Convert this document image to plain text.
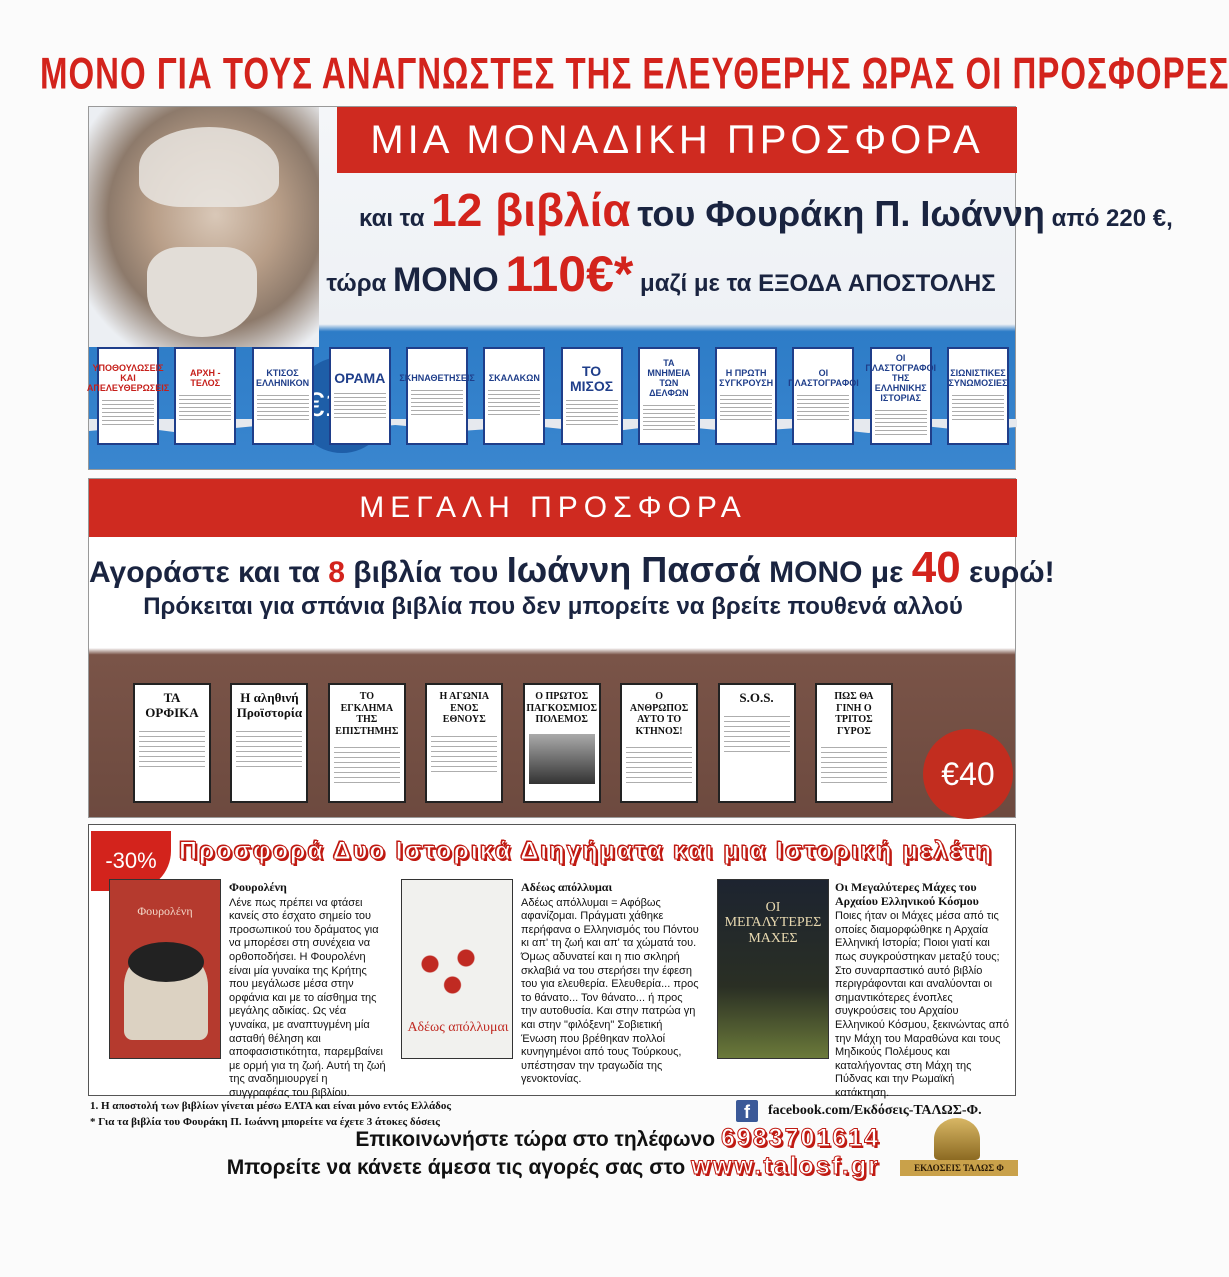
ΜΟΝΟ ΓΙΑ ΤΟΥΣ ΑΝΑΓΝΩΣΤΕΣ ΤΗΣ ΕΛΕΥΘΕΡΗΣ ΩΡΑΣ ΟΙ ΠΡΟΣΦΟΡΕΣ
ΜΙΑ ΜΟΝΑΔΙΚΗ ΠΡΟΣΦΟΡΑ
και τα 12 βιβλία του Φουράκη Π. Ιωάννη από 220 €,
τώρα ΜΟΝΟ 110€* μαζί με τα ΕΞΟΔΑ ΑΠΟΣΤΟΛΗΣ
ΥΠΟΘΟΥΛΩΣΕΙΣ ΚΑΙ ΑΠΕΛΕΥΘΕΡΩΣΕΙΣ
ΑΡΧΗ - ΤΕΛΟΣ
ΚΤΙΣΟΣ ΕΛΛΗΝΙΚΟΝ ΟΡΑΜΑ ΣΚΗΝΑΘΕΤΗΣΕΙΣ ΣΚΑΛΑΚΩΝ	ΤΟ ΜΙΣΟΣ
ΤΑ ΜΝΗΜΕΙΑ ΤΩΝ ΔΕΛΦΩΝ
Η ΠΡΩΤΗ ΣΥΓΚΡΟΥΣΗ
ΟΙ ΠΛΑΣΤΟΓΡΑΦΟΙ
ΟΙ ΠΛΑΣΤΟΓΡΑΦΟΙ ΤΗΣ ΕΛΛΗΝΙΚΗΣ ΙΣΤΟΡΙΑΣ
ΣΙΩΝΙΣΤΙΚΕΣ ΣΥΝΩΜΟΣΙΕΣ
ΜΕΓΑΛΗ ΠΡΟΣΦΟΡΑ
Αγοράστε και τα 8 βιβλία του Ιωάννη Πασσά ΜΟΝΟ με 40 ευρώ!
Πρόκειται για σπάνια βιβλία που δεν μπορείτε να βρείτε πουθενά αλλού
ΤΑ ΟΡΦΙΚΑ
Η αληθινή Προϊστορία
ΤΟ ΕΓΚΛΗΜΑ ΤΗΣ ΕΠΙΣΤΗΜΗΣ
Η ΑΓΩΝΙΑ ΕΝΟΣ ΕΘΝΟΥΣ
Ο ΠΡΩΤΟΣ ΠΑΓΚΟΣΜΙΟΣ ΠΟΛΕΜΟΣ
Ο ΑΝΘΡΩΠΟΣ ΑΥΤΟ ΤΟ ΚΤΗΝΟΣ!
S.O.S.	ΠΩΣ ΘΑ ΓΙΝΗ Ο ΤΡΙΤΟΣ ΓΥΡΟΣ
€40
-30% Προσφορά Δυο Ιστορικά Διηγήματα και μια Ιστορική μελέτη
Φουρολένη
Φουρολένη
Λένε πως πρέπει να φτάσει κανείς στο έσχατο σημείο του προσωπικού του δράματος για να μπορέσει στη συνέχεια να ορθοποδήσει. Η Φουρολένη είναι μία γυναίκα της Κρήτης που μεγάλωσε μέσα στην ορφάνια και με το αίσθημα της μεγάλης αδικίας. Ως νέα γυναίκα, με αναπτυγμένη μία ασταθή θέληση και αποφασιστικότητα, παρεμβαίνει με ορμή για τη ζωή. Αυτή τη ζωή της αναδημιουργεί η συγγραφέας του βιβλίου.
Αδέως απόλλυμαι
Αδέως απόλλυμαι
Αδέως απόλλυμαι = Αφόβως αφανίζομαι. Πράγματι χάθηκε περήφανα ο Ελληνισμός του Πόντου κι απ' τη ζωή και απ' τα χώματά του. Όμως αδυνατεί και η πιο σκληρή σκλαβιά να του στερήσει την έφεση του για ελευθερία. Ελευθερία... προς το θάνατο... Τον θάνατο... ή προς την αυτοθυσία. Και στην πατρώα γη και στην "φιλόξενη" Σοβιετική Ένωση που βρέθηκαν πολλοί κυνηγημένοι από τους Τούρκους, υπέστησαν την τραγωδία της γενοκτονίας.
ΟΙ ΜΕΓΑΛΥΤΕΡΕΣ ΜΑΧΕΣ
Οι Μεγαλύτερες Μάχες του Αρχαίου Ελληνικού Κόσμου
Ποιες ήταν οι Μάχες μέσα από τις οποίες διαμορφώθηκε η Αρχαία Ελληνική Ιστορία; Ποιοι γιατί και πως συγκρούστηκαν μεταξύ τους; Στο συναρπαστικό αυτό βιβλίο περιγράφονται και αναλύονται οι σημαντικότερες ένοπλες συγκρούσεις του Αρχαίου Ελληνικού Κόσμου, ξεκινώντας από την Μάχη του Μαραθώνα και τους Μηδικούς Πολέμους και καταλήγοντας στη Μάχη της Πύδνας και την Ρωμαϊκή κατάκτηση.
1. Η αποστολή των βιβλίων γίνεται μέσω ΕΛΤΑ και είναι μόνο εντός Ελλάδος
* Για τα βιβλία του Φουράκη Π. Ιωάννη μπορείτε να έχετε 3 άτοκες δόσεις	f	facebook.com/Εκδόσεις-ΤΑΛΩΣ-Φ.
Επικοινωνήστε τώρα στο τηλέφωνο 6983701614
Μπορείτε να κάνετε άμεσα τις αγορές σας στο www.talosf.gr	ΕΚΔΟΣΕΙΣ ΤΑΛΩΣ Φ
